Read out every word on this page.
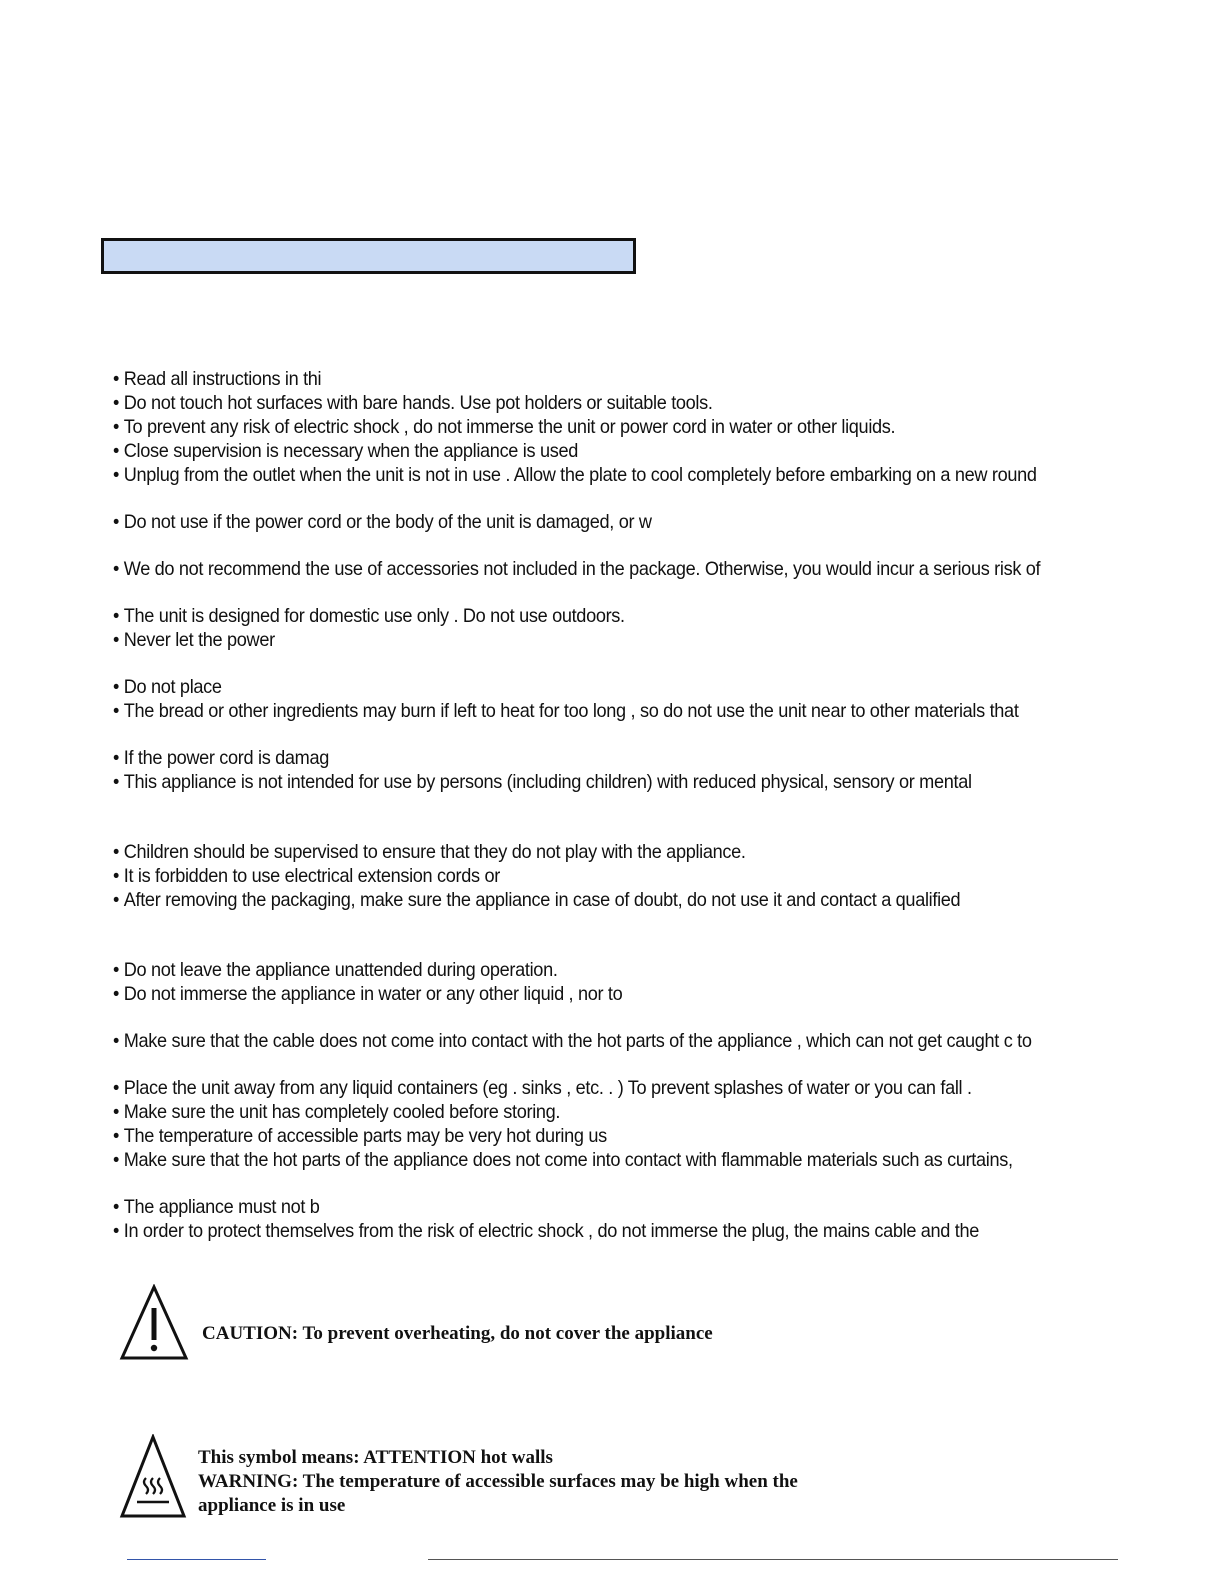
• Read all instructions in thi
• Do not touch hot surfaces with bare hands. Use pot holders or suitable tools.
• To prevent any risk of electric shock , do not immerse the unit or power cord in water or other liquids.
• Close supervision is necessary when the appliance is used
• Unplug from the outlet when the unit is not in use . Allow the plate to cool completely before embarking on a new round
• Do not use if the power cord or the body of the unit is damaged, or w
• We do not recommend the use of accessories not included in the package. Otherwise, you would incur a serious risk of
• The unit is designed for domestic use only . Do not use outdoors.
• Never let the power
• Do not place
• The bread or other ingredients may burn if left to heat for too long , so do not use the unit near to other materials that
• If the power cord is damag
• This appliance is not intended for use by persons (including children) with reduced physical, sensory or mental
• Children should be supervised to ensure that they do not play with the appliance.
• It is forbidden to use electrical extension cords or
• After removing the packaging, make sure the appliance in case of doubt, do not use it and contact a qualified
• Do not leave the appliance unattended during operation.
• Do not immerse the appliance in water or any other liquid , nor to
• Make sure that the cable does not come into contact with the hot parts of the appliance , which can not get caught c to
• Place the unit away from any liquid containers (eg . sinks , etc. . ) To prevent splashes of water or you can fall .
• Make sure the unit has completely cooled before storing.
• The temperature of accessible parts may be very hot during us
• Make sure that the hot parts of the appliance does not come into contact with flammable materials such as curtains,
• The appliance must not b
• In order to protect themselves from the risk of electric shock , do not immerse the plug, the mains cable and the
CAUTION: To prevent overheating, do not cover the appliance
This symbol means: ATTENTION hot walls
WARNING: The temperature of accessible surfaces may be high when the
appliance is in use
